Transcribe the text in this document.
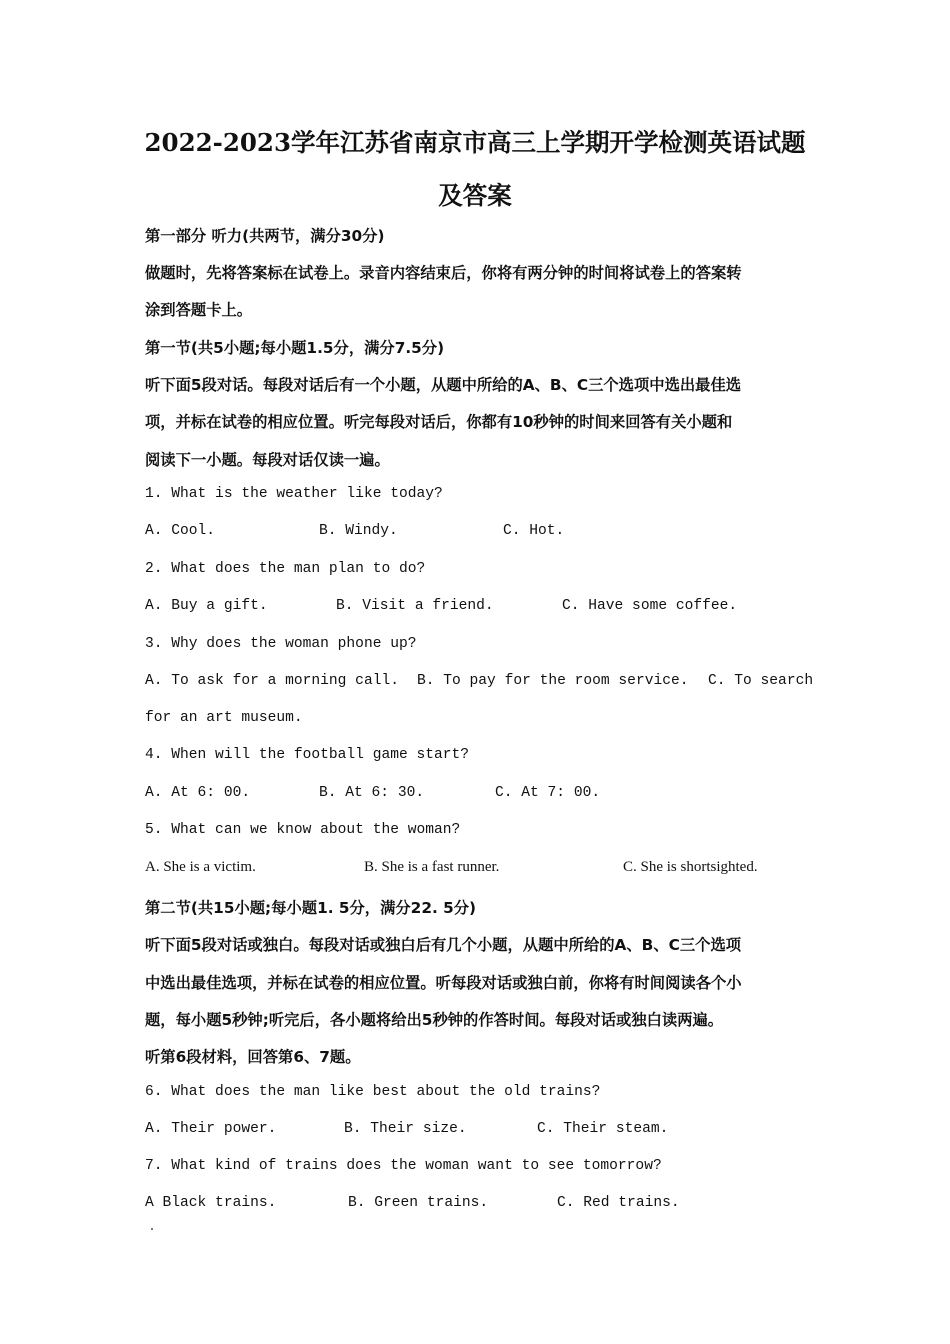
2022-2023学年江苏省南京市高三上学期开学检测英语试题
及答案
第一部分 听力(共两节，满分30分)
做题时，先将答案标在试卷上。录音内容结束后，你将有两分钟的时间将试卷上的答案转
涂到答题卡上。
第一节(共5小题;每小题1.5分，满分7.5分)
听下面5段对话。每段对话后有一个小题，从题中所给的A、B、C三个选项中选出最佳选
项，并标在试卷的相应位置。听完每段对话后，你都有10秒钟的时间来回答有关小题和
阅读下一小题。每段对话仅读一遍。
1. What is the weather like today?
A. Cool.	B. Windy.	C. Hot.
2. What does the man plan to do?
A. Buy a gift.	B. Visit a friend.	C. Have some coffee.
3. Why does the woman phone up?
A. To ask for a morning call. B. To pay for the room service. C. To search
for an art museum.
4. When will the football game start?
A. At 6: 00.	B. At 6: 30.	C. At 7: 00.
5. What can we know about the woman?
A. She is a victim.	B. She is a fast runner.	C. She is shortsighted.
第二节(共15小题;每小题1. 5分，满分22. 5分)
听下面5段对话或独白。每段对话或独白后有几个小题，从题中所给的A、B、C三个选项
中选出最佳选项，并标在试卷的相应位置。听每段对话或独白前，你将有时间阅读各个小
题，每小题5秒钟;听完后，各小题将给出5秒钟的作答时间。每段对话或独白读两遍。
听第6段材料，回答第6、7题。
6. What does the man like best about the old trains?
A. Their power.	B. Their size.	C. Their steam.
7. What kind of trains does the woman want to see tomorrow?
A Black trains.	B. Green trains.	C. Red trains.
